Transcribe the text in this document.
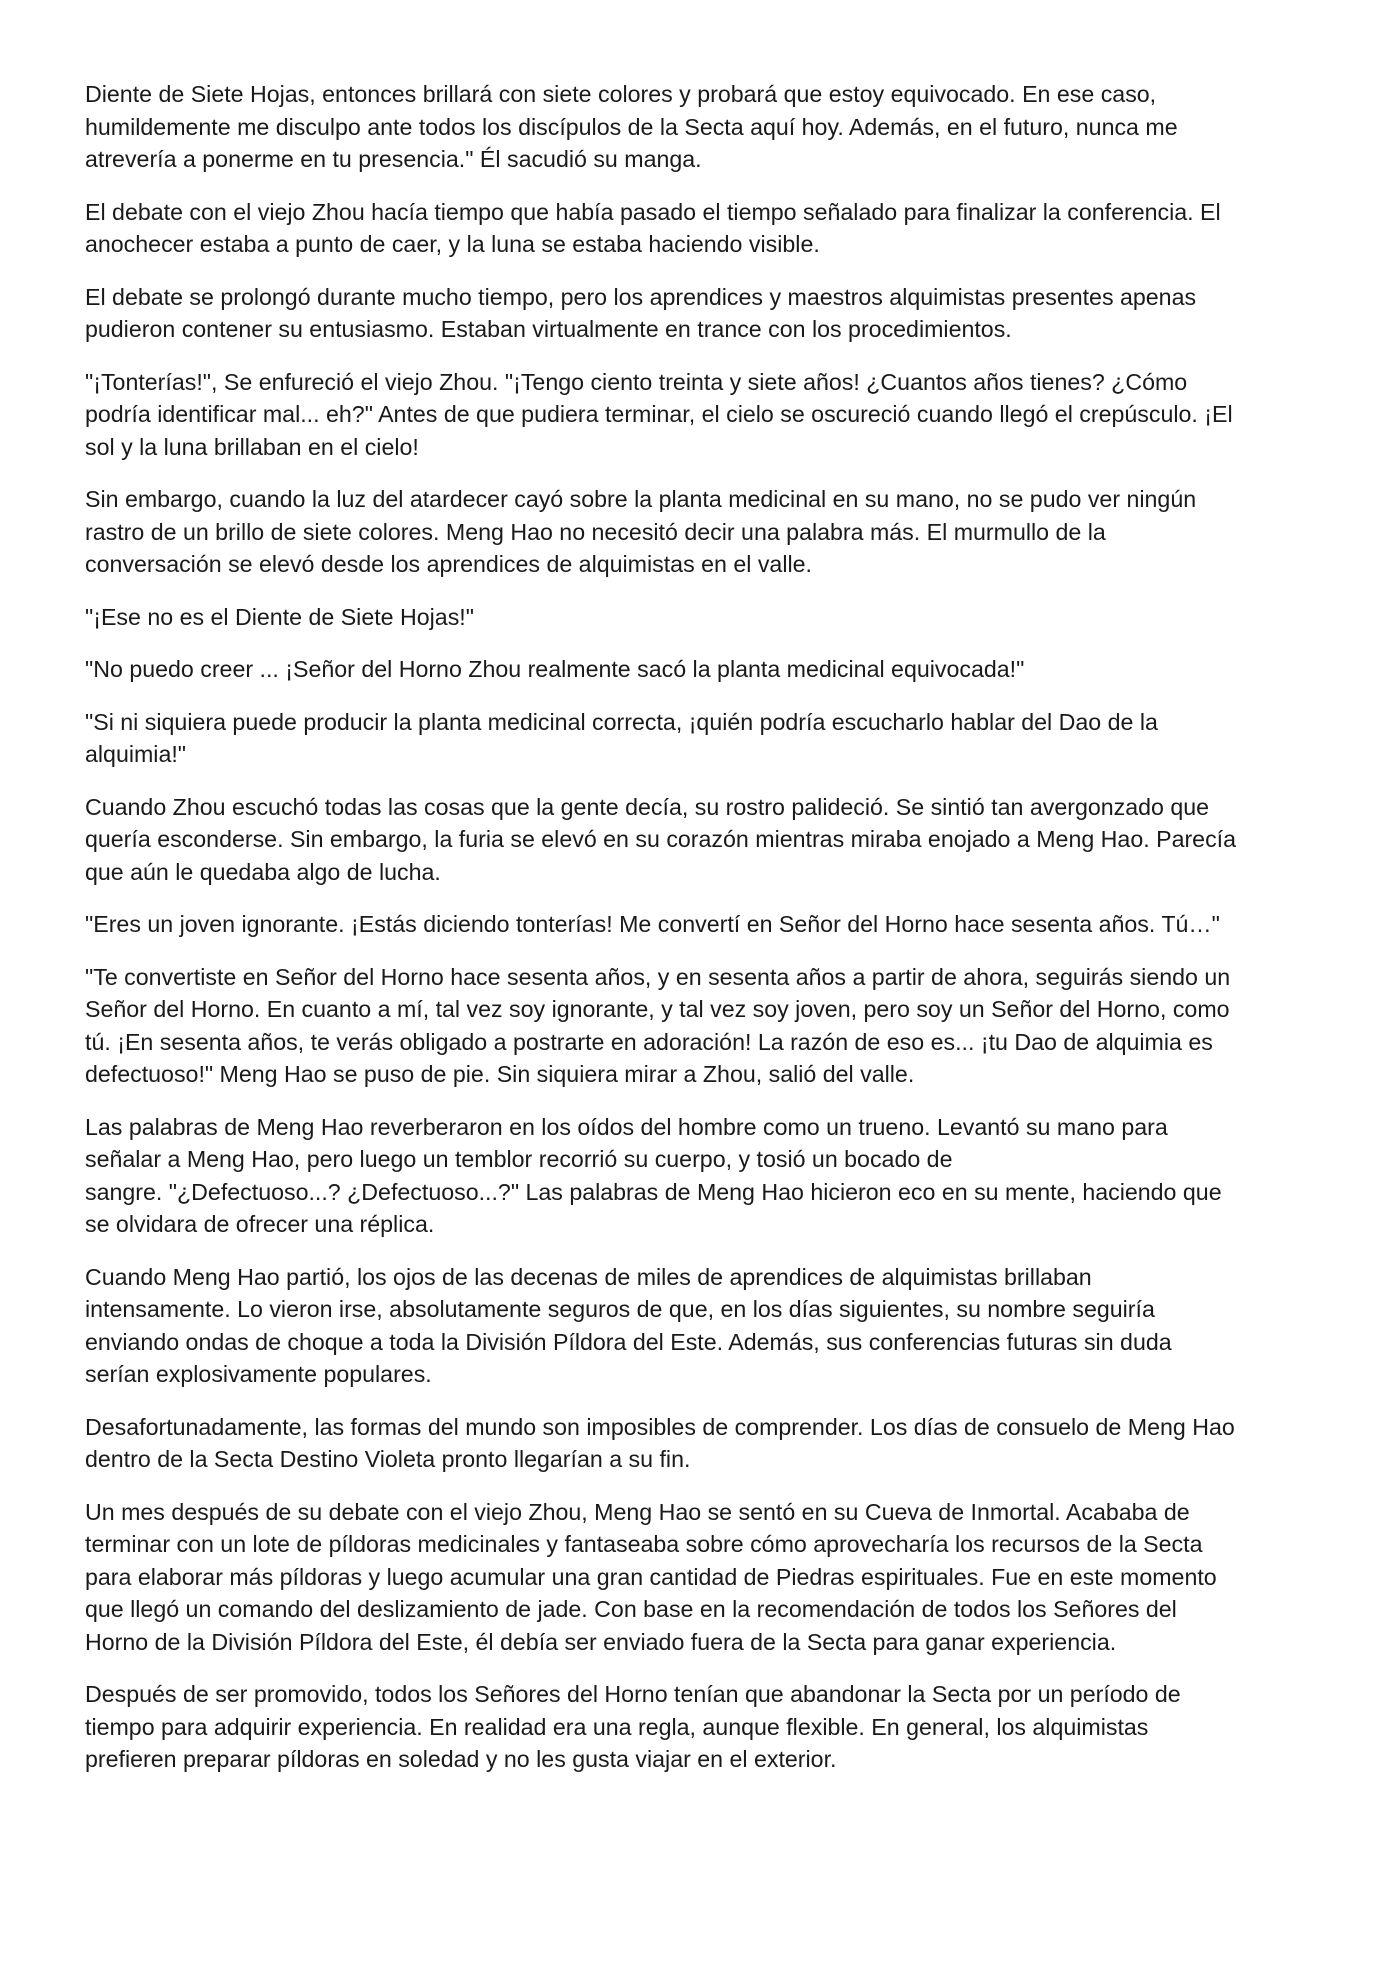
Diente de Siete Hojas, entonces brillará con siete colores y probará que estoy equivocado. En ese caso,
humildemente me disculpo ante todos los discípulos de la Secta aquí hoy. Además, en el futuro, nunca me
atrevería a ponerme en tu presencia." Él sacudió su manga.

El debate con el viejo Zhou hacía tiempo que había pasado el tiempo señalado para finalizar la conferencia. El
anochecer estaba a punto de caer, y la luna se estaba haciendo visible.

El debate se prolongó durante mucho tiempo, pero los aprendices y maestros alquimistas presentes apenas
pudieron contener su entusiasmo. Estaban virtualmente en trance con los procedimientos.

"¡Tonterías!", Se enfureció el viejo Zhou. "¡Tengo ciento treinta y siete años! ¿Cuantos años tienes? ¿Cómo
podría identificar mal... eh?" Antes de que pudiera terminar, el cielo se oscureció cuando llegó el crepúsculo. ¡El
sol y la luna brillaban en el cielo!

Sin embargo, cuando la luz del atardecer cayó sobre la planta medicinal en su mano, no se pudo ver ningún
rastro de un brillo de siete colores. Meng Hao no necesitó decir una palabra más. El murmullo de la
conversación se elevó desde los aprendices de alquimistas en el valle.

"¡Ese no es el Diente de Siete Hojas!"

"No puedo creer ... ¡Señor del Horno Zhou realmente sacó la planta medicinal equivocada!"

"Si ni siquiera puede producir la planta medicinal correcta, ¡quién podría escucharlo hablar del Dao de la
alquimia!"

Cuando Zhou escuchó todas las cosas que la gente decía, su rostro palideció. Se sintió tan avergonzado que
quería esconderse. Sin embargo, la furia se elevó en su corazón mientras miraba enojado a Meng Hao. Parecía
que aún le quedaba algo de lucha.

"Eres un joven ignorante. ¡Estás diciendo tonterías! Me convertí en Señor del Horno hace sesenta años. Tú…"

"Te convertiste en Señor del Horno hace sesenta años, y en sesenta años a partir de ahora, seguirás siendo un
Señor del Horno. En cuanto a mí, tal vez soy ignorante, y tal vez soy joven, pero soy un Señor del Horno, como
tú. ¡En sesenta años, te verás obligado a postrarte en adoración! La razón de eso es... ¡tu Dao de alquimia es
defectuoso!" Meng Hao se puso de pie. Sin siquiera mirar a Zhou, salió del valle.

Las palabras de Meng Hao reverberaron en los oídos del hombre como un trueno. Levantó su mano para
señalar a Meng Hao, pero luego un temblor recorrió su cuerpo, y tosió un bocado de
sangre. "¿Defectuoso...? ¿Defectuoso...?" Las palabras de Meng Hao hicieron eco en su mente, haciendo que
se olvidara de ofrecer una réplica.

Cuando Meng Hao partió, los ojos de las decenas de miles de aprendices de alquimistas brillaban
intensamente. Lo vieron irse, absolutamente seguros de que, en los días siguientes, su nombre seguiría
enviando ondas de choque a toda la División Píldora del Este. Además, sus conferencias futuras sin duda
serían explosivamente populares.

Desafortunadamente, las formas del mundo son imposibles de comprender. Los días de consuelo de Meng Hao
dentro de la Secta Destino Violeta pronto llegarían a su fin.

Un mes después de su debate con el viejo Zhou, Meng Hao se sentó en su Cueva de Inmortal. Acababa de
terminar con un lote de píldoras medicinales y fantaseaba sobre cómo aprovecharía los recursos de la Secta
para elaborar más píldoras y luego acumular una gran cantidad de Piedras espirituales. Fue en este momento
que llegó un comando del deslizamiento de jade. Con base en la recomendación de todos los Señores del
Horno de la División Píldora del Este, él debía ser enviado fuera de la Secta para ganar experiencia.

Después de ser promovido, todos los Señores del Horno tenían que abandonar la Secta por un período de
tiempo para adquirir experiencia. En realidad era una regla, aunque flexible. En general, los alquimistas
prefieren preparar píldoras en soledad y no les gusta viajar en el exterior.
